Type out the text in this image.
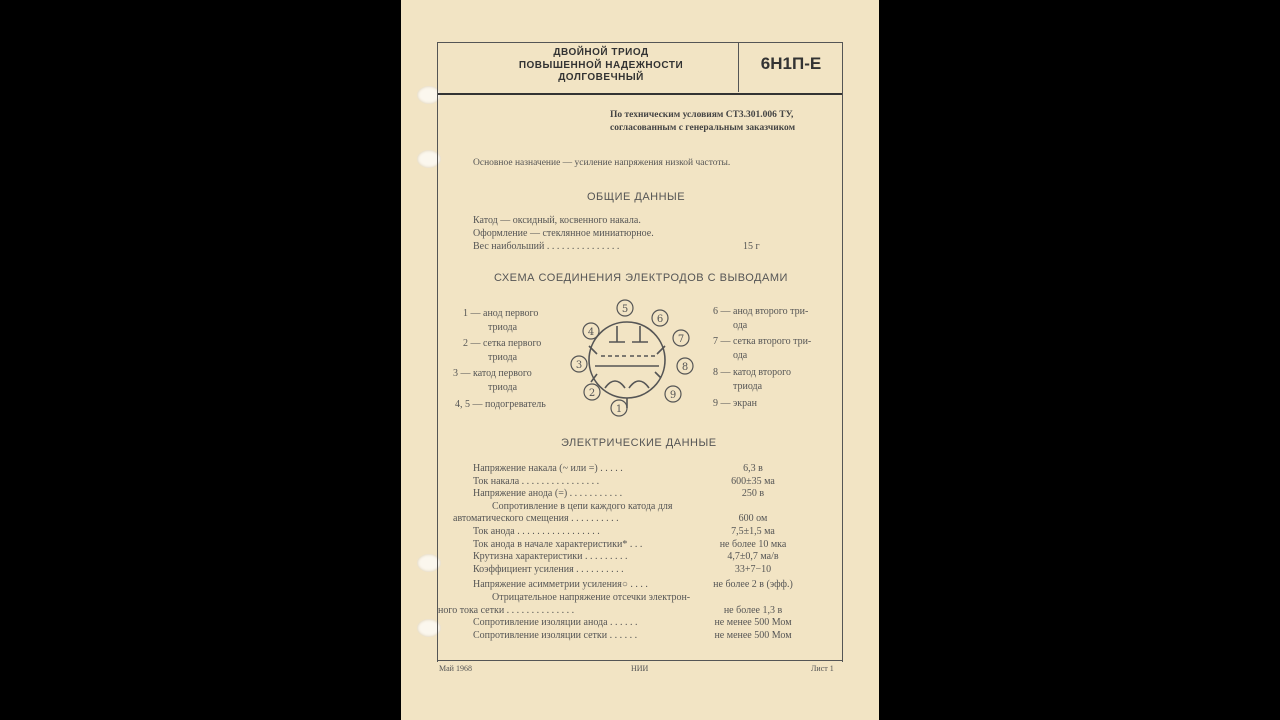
ДВОЙНОЙ ТРИОД
ПОВЫШЕННОЙ НАДЕЖНОСТИ
ДОЛГОВЕЧНЫЙ
6Н1П-Е
По техническим условиям СТ3.301.006 ТУ,
согласованным с генеральным заказчиком
Основное назначение — усиление напряжения низкой частоты.
ОБЩИЕ ДАННЫЕ
Катод — оксидный, косвенного накала.
Оформление — стеклянное миниатюрное.
Вес наибольший . . . . . . . . . . . . . . .	15 г
СХЕМА СОЕДИНЕНИЯ ЭЛЕКТРОДОВ С ВЫВОДАМИ
1 — анод первого
триода
2 — сетка первого
триода
3 — катод первого
триода
4, 5 — подогреватель
6 — анод второго три-
ода
7 — сетка второго три-
ода
8 — катод второго
триода
9 — экран
1
2
3
4
5
6
7
8
9
ЭЛЕКТРИЧЕСКИЕ ДАННЫЕ
Напряжение накала (~ или =) . . . . .	6,3 в
Ток накала . . . . . . . . . . . . . . . .	600±35 ма
Напряжение анода (=) . . . . . . . . . . .	250 в
Сопротивление в цепи каждого катода для
автоматического смещения . . . . . . . . . .	600 ом
Ток анода . . . . . . . . . . . . . . . . .	7,5±1,5 ма
Ток анода в начале характеристики* . . .	не более 10 мка
Крутизна характеристики . . . . . . . . .	4,7±0,7 ма/в
Коэффициент усиления . . . . . . . . . .	33+7−10
Напряжение асимметрии усиления○ . . . .	не более 2 в (эфф.)
Отрицательное напряжение отсечки электрон-
ного тока сетки . . . . . . . . . . . . . .	не более 1,3 в
Сопротивление изоляции анода . . . . . .	не менее 500 Мом
Сопротивление изоляции сетки . . . . . .	не менее 500 Мом
Май 1968	НИИ	Лист 1
